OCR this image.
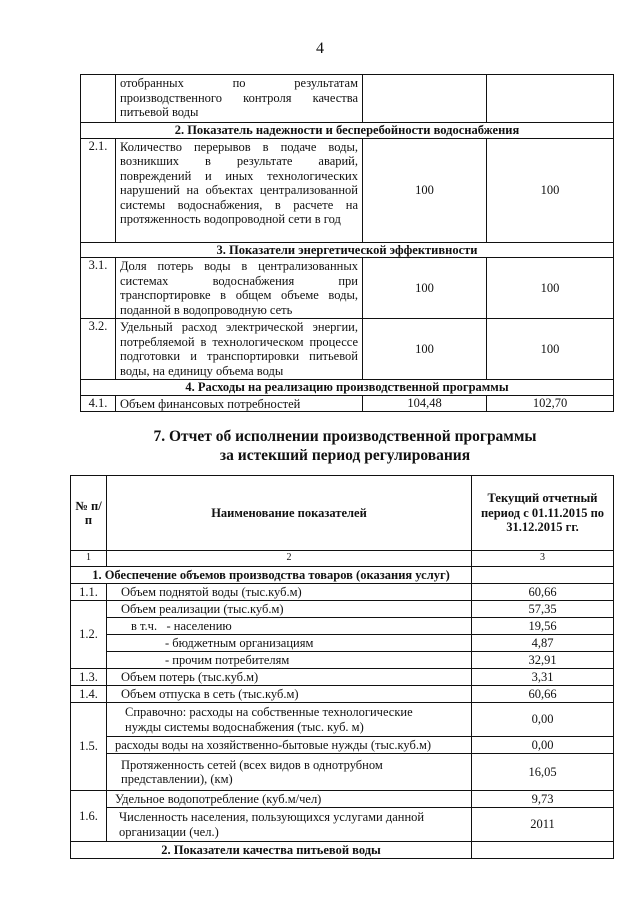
4
	отобранных по результатам производственного контроля качества питьевой воды		
2. Показатель надежности и бесперебойности водоснабжения			
2.1.	Количество перерывов в подаче воды, возникших в результате аварий, повреждений и иных технологических нарушений на объектах централизованной системы водоснабжения, в расчете на протяженность водопроводной сети в год	100	100
3. Показатели энергетической эффективности			
3.1.	Доля потерь воды в централизованных системах водоснабжения при транспортировке в общем объеме воды, поданной в водопроводную сеть	100	100
3.2.	Удельный расход электрической энергии, потребляемой в технологическом процессе подготовки и транспортировки питьевой воды, на единицу объема воды	100	100
4. Расходы на реализацию производственной программы			
4.1.	Объем финансовых потребностей	104,48	102,70
7. Отчет об исполнении производственной программы
за истекший период регулирования
№ п/п	Наименование показателей	Текущий отчетный период с 01.11.2015 по 31.12.2015 гг.
1	2	3
1. Обеспечение объемов производства товаров (оказания услуг)		
1.1.	Объем поднятой воды (тыс.куб.м)	60,66
1.2.	Объем реализации (тыс.куб.м)	57,35
	в т.ч.   - населению	19,56
	- бюджетным организациям	4,87
	- прочим потребителям	32,91
1.3.	Объем потерь (тыс.куб.м)	3,31
1.4.	Объем отпуска в сеть (тыс.куб.м)	60,66
1.5.	Справочно: расходы на собственные технологические нужды системы водоснабжения (тыс. куб. м)	0,00
	расходы воды на хозяйственно-бытовые нужды (тыс.куб.м)	0,00
	Протяженность сетей (всех видов в однотрубном представлении), (км)	16,05
1.6.	Удельное водопотребление (куб.м/чел)	9,73
	Численность населения, пользующихся услугами данной организации (чел.)	2011
2. Показатели качества питьевой воды		
